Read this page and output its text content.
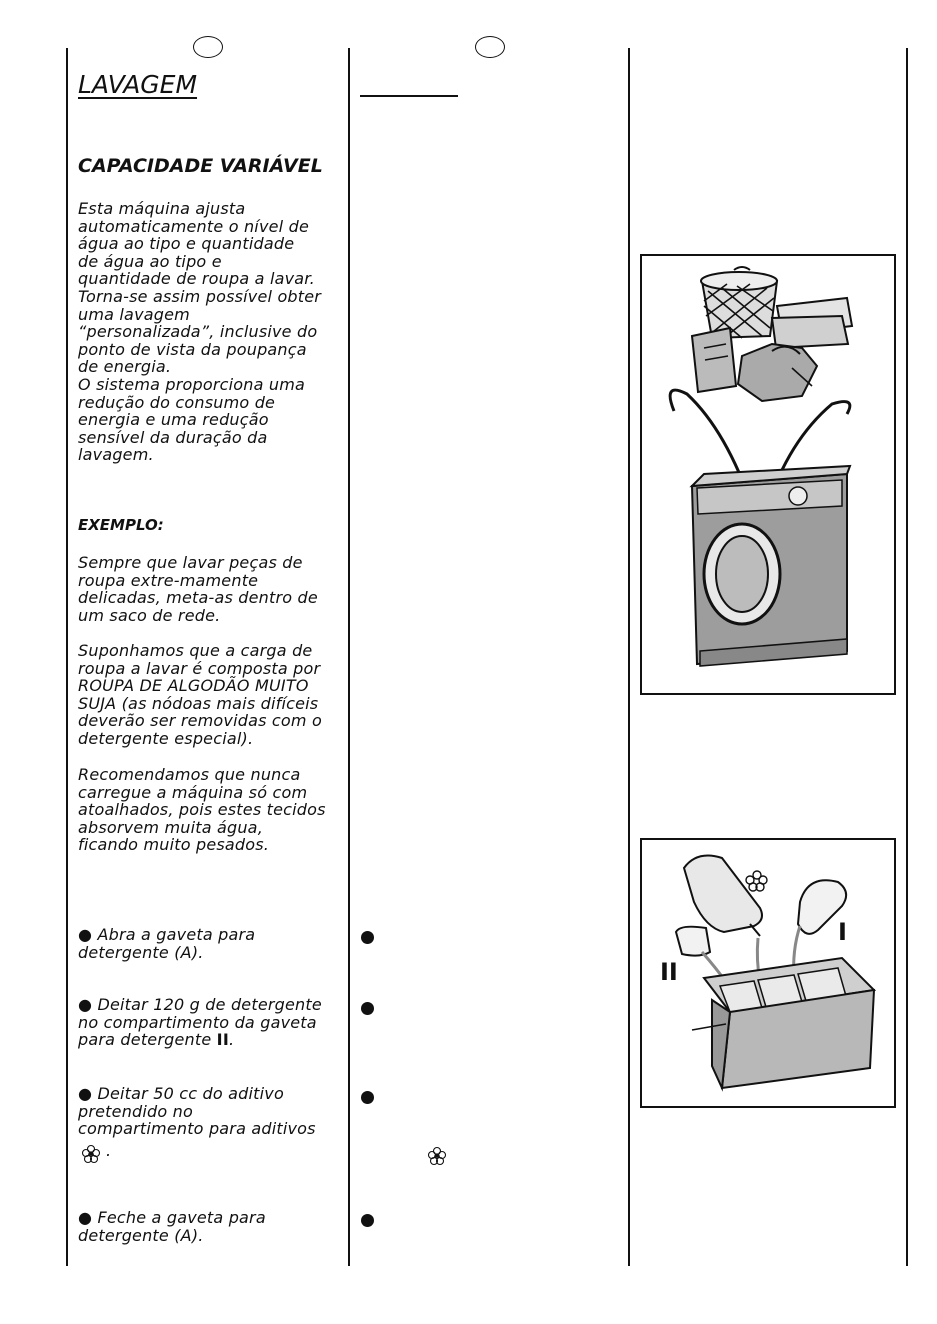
LAVAGEM
CAPACIDADE VARIÁVEL
Esta máquina ajusta
automaticamente o nível de
água ao tipo e quantidade
de água ao tipo e
quantidade de roupa a lavar.
Torna-se assim possível obter
uma lavagem
“personalizada”, inclusive do
ponto de vista da poupança
de energia.
O sistema proporciona uma
redução do consumo de
energia e uma redução
sensível da duração da
lavagem.
EXEMPLO:
Sempre que lavar peças de
roupa extre-mamente
delicadas, meta-as dentro de
um saco de rede.
Suponhamos que a carga de
roupa a lavar é composta por
ROUPA DE ALGODÃO MUITO
SUJA (as nódoas mais difíceis
deverão ser removidas com o
detergente especial).
Recomendamos que nunca
carregue a máquina só com
atoalhados, pois estes tecidos
absorvem muita água,
ficando muito pesados.
● Abra a gaveta para
detergente (A).
● Deitar 120 g de detergente
no compartimento da gaveta
para detergente II.
● Deitar 50 cc do aditivo
pretendido no
compartimento para aditivos
.
● Feche a gaveta para
detergente (A).
II
I
